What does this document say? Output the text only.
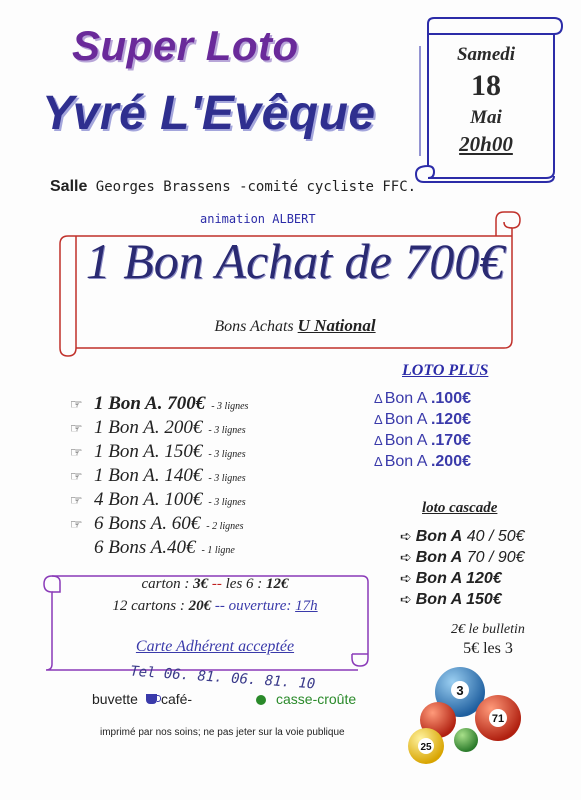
Super Loto
Yvré L'Evêque
Samedi
18
Mai
20h00
Salle Georges Brassens -comité cycliste FFC.
animation ALBERT
1 Bon Achat de 700€
Bons Achats U National
☞ 1 Bon A. 700€ - 3 lignes
☞ 1 Bon A. 200€ - 3 lignes
☞ 1 Bon A. 150€ - 3 lignes
☞ 1 Bon A. 140€ - 3 lignes
☞ 4 Bon A. 100€ - 3 lignes
☞ 6 Bons A. 60€ - 2 lignes
6 Bons A.40€ - 1 ligne
LOTO PLUS
Δ Bon A .100€
Δ Bon A .120€
Δ Bon A .170€
Δ Bon A .200€
loto cascade
➪ Bon A 40 / 50€
➪ Bon A 70 / 90€
➪ Bon A 120€
➪ Bon A 150€
2€ le bulletin
5€ les 3
carton : 3€ -- les 6 : 12€
12 cartons : 20€ -- ouverture: 17h
Carte Adhérent acceptée
Tel 06. 81. 06. 81. 10
buvette café-	casse-croûte
imprimé par nos soins; ne pas jeter sur la voie publique
3
71
25
